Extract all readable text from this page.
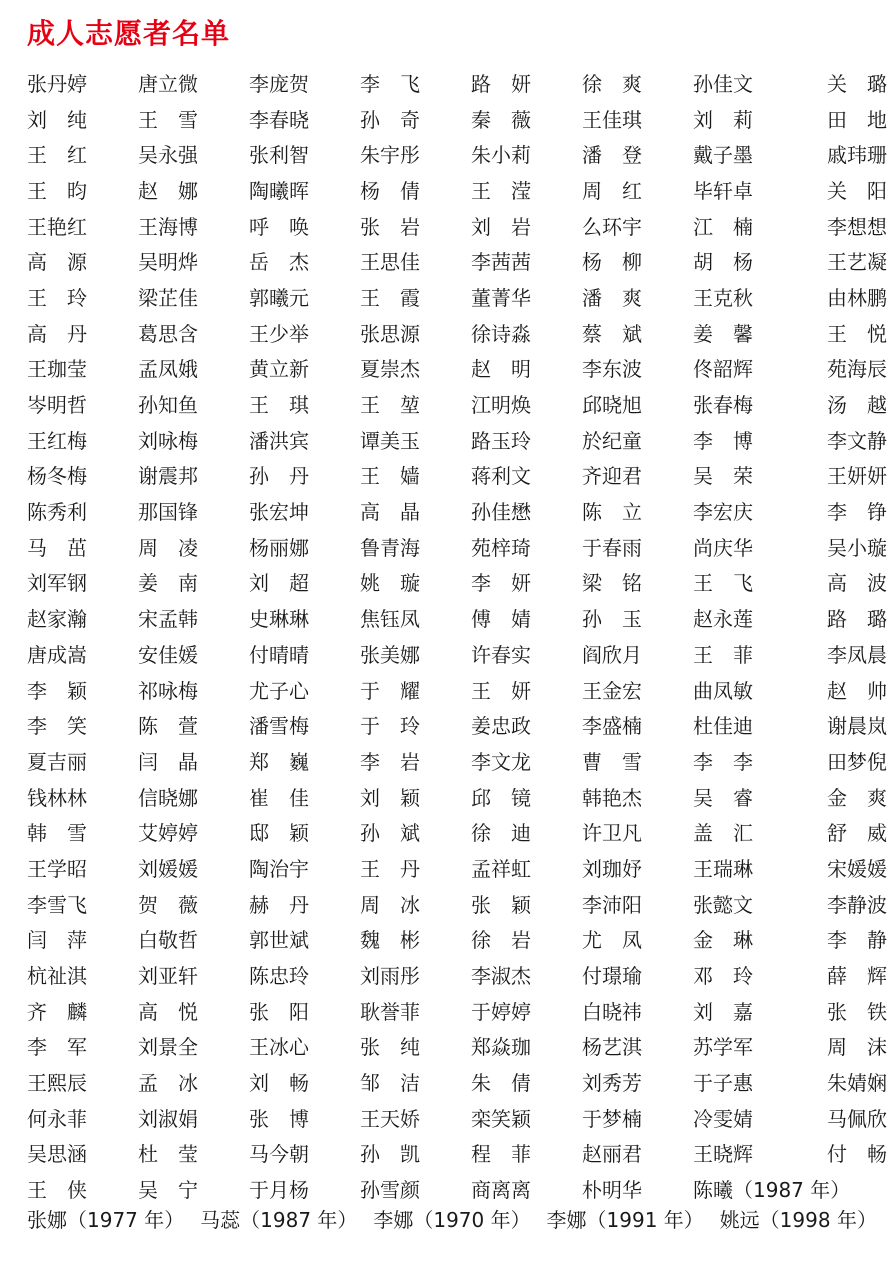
成人志愿者名单
张丹婷	唐立微	李庞贺	李　飞	路　妍	徐　爽	孙佳文	关　璐
刘　纯	王　雪	李春晓	孙　奇	秦　薇	王佳琪	刘　莉	田　地
王　红	吴永强	张利智	朱宇彤	朱小莉	潘　登	戴子墨	戚玮珊
王　昀	赵　娜	陶曦晖	杨　倩	王　滢	周　红	毕轩卓	关　阳
王艳红	王海博	呼　唤	张　岩	刘　岩	么环宇	江　楠	李想想
高　源	吴明烨	岳　杰	王思佳	李茜茜	杨　柳	胡　杨	王艺凝
王　玲	梁芷佳	郭曦元	王　霞	董菁华	潘　爽	王克秋	由林鹏
高　丹	葛思含	王少举	张思源	徐诗淼	蔡　斌	姜　馨	王　悦
王珈莹	孟凤娥	黄立新	夏崇杰	赵　明	李东波	佟韶辉	苑海辰
岑明哲	孙知鱼	王　琪	王　堃	江明焕	邱晓旭	张春梅	汤　越
王红梅	刘咏梅	潘洪宾	谭美玉	路玉玲	於纪童	李　博	李文静
杨冬梅	谢震邦	孙　丹	王　嫱	蒋利文	齐迎君	吴　荣	王妍妍
陈秀利	那国锋	张宏坤	高　晶	孙佳懋	陈　立	李宏庆	李　铮
马　茁	周　凌	杨丽娜	鲁青海	苑梓琦	于春雨	尚庆华	吴小璇
刘军钢	姜　南	刘　超	姚　璇	李　妍	梁　铭	王　飞	高　波
赵家瀚	宋孟韩	史琳琳	焦钰凤	傅　婧	孙　玉	赵永莲	路　璐
唐成嵩	安佳媛	付晴晴	张美娜	许春实	阎欣月	王　菲	李凤晨
李　颖	祁咏梅	尤子心	于　耀	王　妍	王金宏	曲凤敏	赵　帅
李　笑	陈　萱	潘雪梅	于　玲	姜忠政	李盛楠	杜佳迪	谢晨岚
夏吉丽	闫　晶	郑　巍	李　岩	李文龙	曹　雪	李　李	田梦倪
钱林林	信晓娜	崔　佳	刘　颖	邱　镜	韩艳杰	吴　睿	金　爽
韩　雪	艾婷婷	邸　颖	孙　斌	徐　迪	许卫凡	盖　汇	舒　威
王学昭	刘媛媛	陶治宇	王　丹	孟祥虹	刘珈妤	王瑞琳	宋媛媛
李雪飞	贺　薇	赫　丹	周　冰	张　颖	李沛阳	张懿文	李静波
闫　萍	白敬哲	郭世斌	魏　彬	徐　岩	尤　凤	金　琳	李　静
杭祉淇	刘亚轩	陈忠玲	刘雨彤	李淑杰	付璟瑜	邓　玲	薛　辉
齐　麟	高　悦	张　阳	耿誉菲	于婷婷	白晓祎	刘　嘉	张　铁
李　军	刘景全	王冰心	张　纯	郑焱珈	杨艺淇	苏学军	周　沫
王熙辰	孟　冰	刘　畅	邹　洁	朱　倩	刘秀芳	于子惠	朱婧娴
何永菲	刘淑娟	张　博	王天娇	栾笑颖	于梦楠	冷雯婧	马佩欣
吴思涵	杜　莹	马今朝	孙　凯	程　菲	赵丽君	王晓辉	付　畅
王　侠	吴　宁	于月杨	孙雪颜	商离离	朴明华	陈曦（1987 年）
张娜（1977 年） 马蕊（1987 年） 李娜（1970 年） 李娜（1991 年） 姚远（1998 年）
